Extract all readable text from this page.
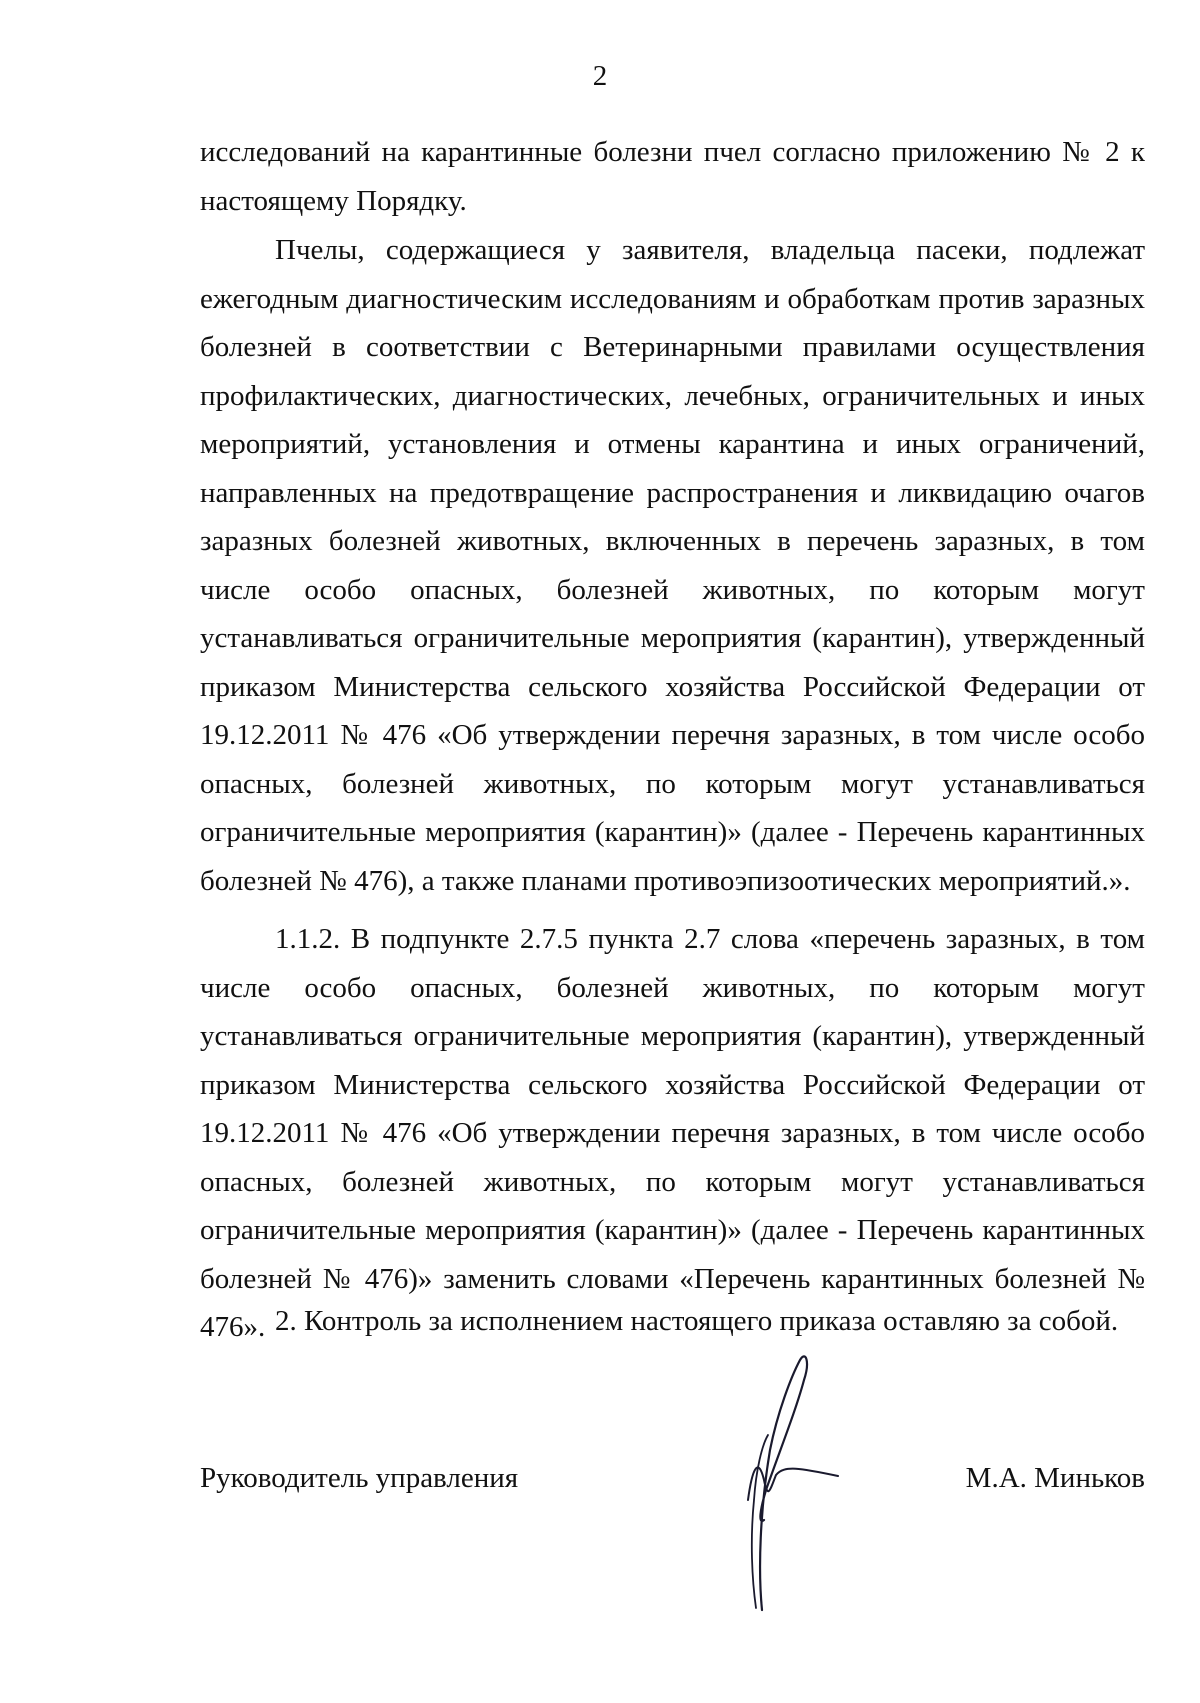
2

исследований на карантинные болезни пчел согласно приложению № 2 к настоящему Порядку.

Пчелы, содержащиеся у заявителя, владельца пасеки, подлежат ежегодным диагностическим исследованиям и обработкам против заразных болезней в соответствии с Ветеринарными правилами осуществления профилактических, диагностических, лечебных, ограничительных и иных мероприятий, установления и отмены карантина и иных ограничений, направленных на предотвращение распространения и ликвидацию очагов заразных болезней животных, включенных в перечень заразных, в том числе особо опасных, болезней животных, по которым могут устанавливаться ограничительные мероприятия (карантин), утвержденный приказом Министерства сельского хозяйства Российской Федерации от 19.12.2011 № 476 «Об утверждении перечня заразных, в том числе особо опасных, болезней животных, по которым могут устанавливаться ограничительные мероприятия (карантин)» (далее - Перечень карантинных болезней № 476), а также планами противоэпизоотических мероприятий.».

1.1.2. В подпункте 2.7.5 пункта 2.7 слова «перечень заразных, в том числе особо опасных, болезней животных, по которым могут устанавливаться ограничительные мероприятия (карантин), утвержденный приказом Министерства сельского хозяйства Российской Федерации от 19.12.2011 № 476 «Об утверждении перечня заразных, в том числе особо опасных, болезней животных, по которым могут устанавливаться ограничительные мероприятия (карантин)» (далее - Перечень карантинных болезней № 476)» заменить словами «Перечень карантинных болезней № 476». 2. Контроль за исполнением настоящего приказа оставляю за собой.

Руководитель управления	М.А. Миньков
